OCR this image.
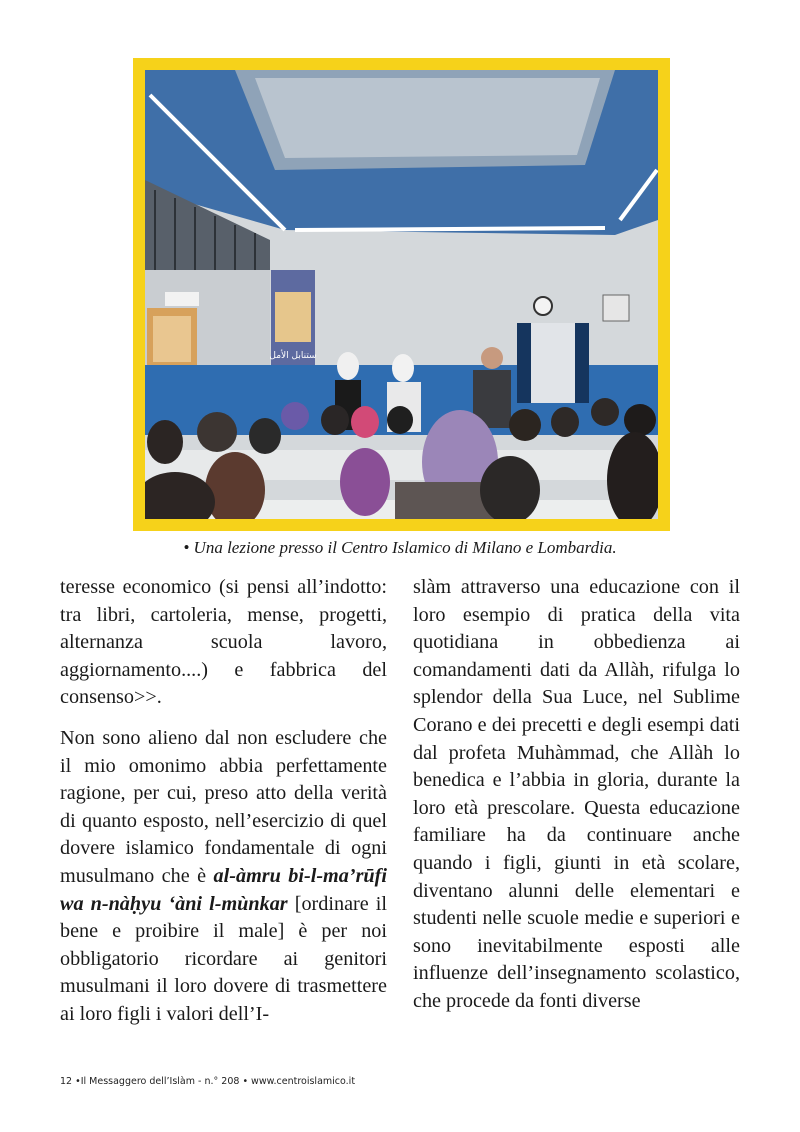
ستنابل الأمل
• Una lezione presso il Centro Islamico di Milano e Lombardia.

teresse economico (si pensi all’indotto: tra libri, cartoleria, mense, progetti, alternanza scuola lavoro, aggiornamento....) e fabbrica del consenso>>.

Non sono alieno dal non escludere che il mio omonimo abbia perfettamente ragione, per cui, preso atto della verità di quanto esposto, nell’esercizio di quel dovere islamico fondamentale di ogni musulmano che è al-àmru bi-l-ma’rūfi wa n-nàḥyu ‘àni l-mùnkar [ordinare il bene e proibire il male] è per noi obbligatorio ricordare ai genitori musulmani il loro dovere di trasmettere ai loro figli i valori dell’I-

slàm attraverso una educazione con il loro esempio di pratica della vita quotidiana in obbedienza ai comandamenti dati da Allàh, rifulga lo splendor della Sua Luce, nel Sublime Corano e dei precetti e degli esempi dati dal profeta Muhàmmad, che Allàh lo benedica e l’abbia in gloria, durante la loro età prescolare. Questa educazione familiare ha da continuare anche quando i figli, giunti in età scolare, diventano alunni delle elementari e studenti nelle scuole medie e superiori e sono inevitabilmente esposti alle influenze dell’insegnamento scolastico, che procede da fonti diverse

12 •Il Messaggero dell’Islàm - n.° 208 • www.centroislamico.it
